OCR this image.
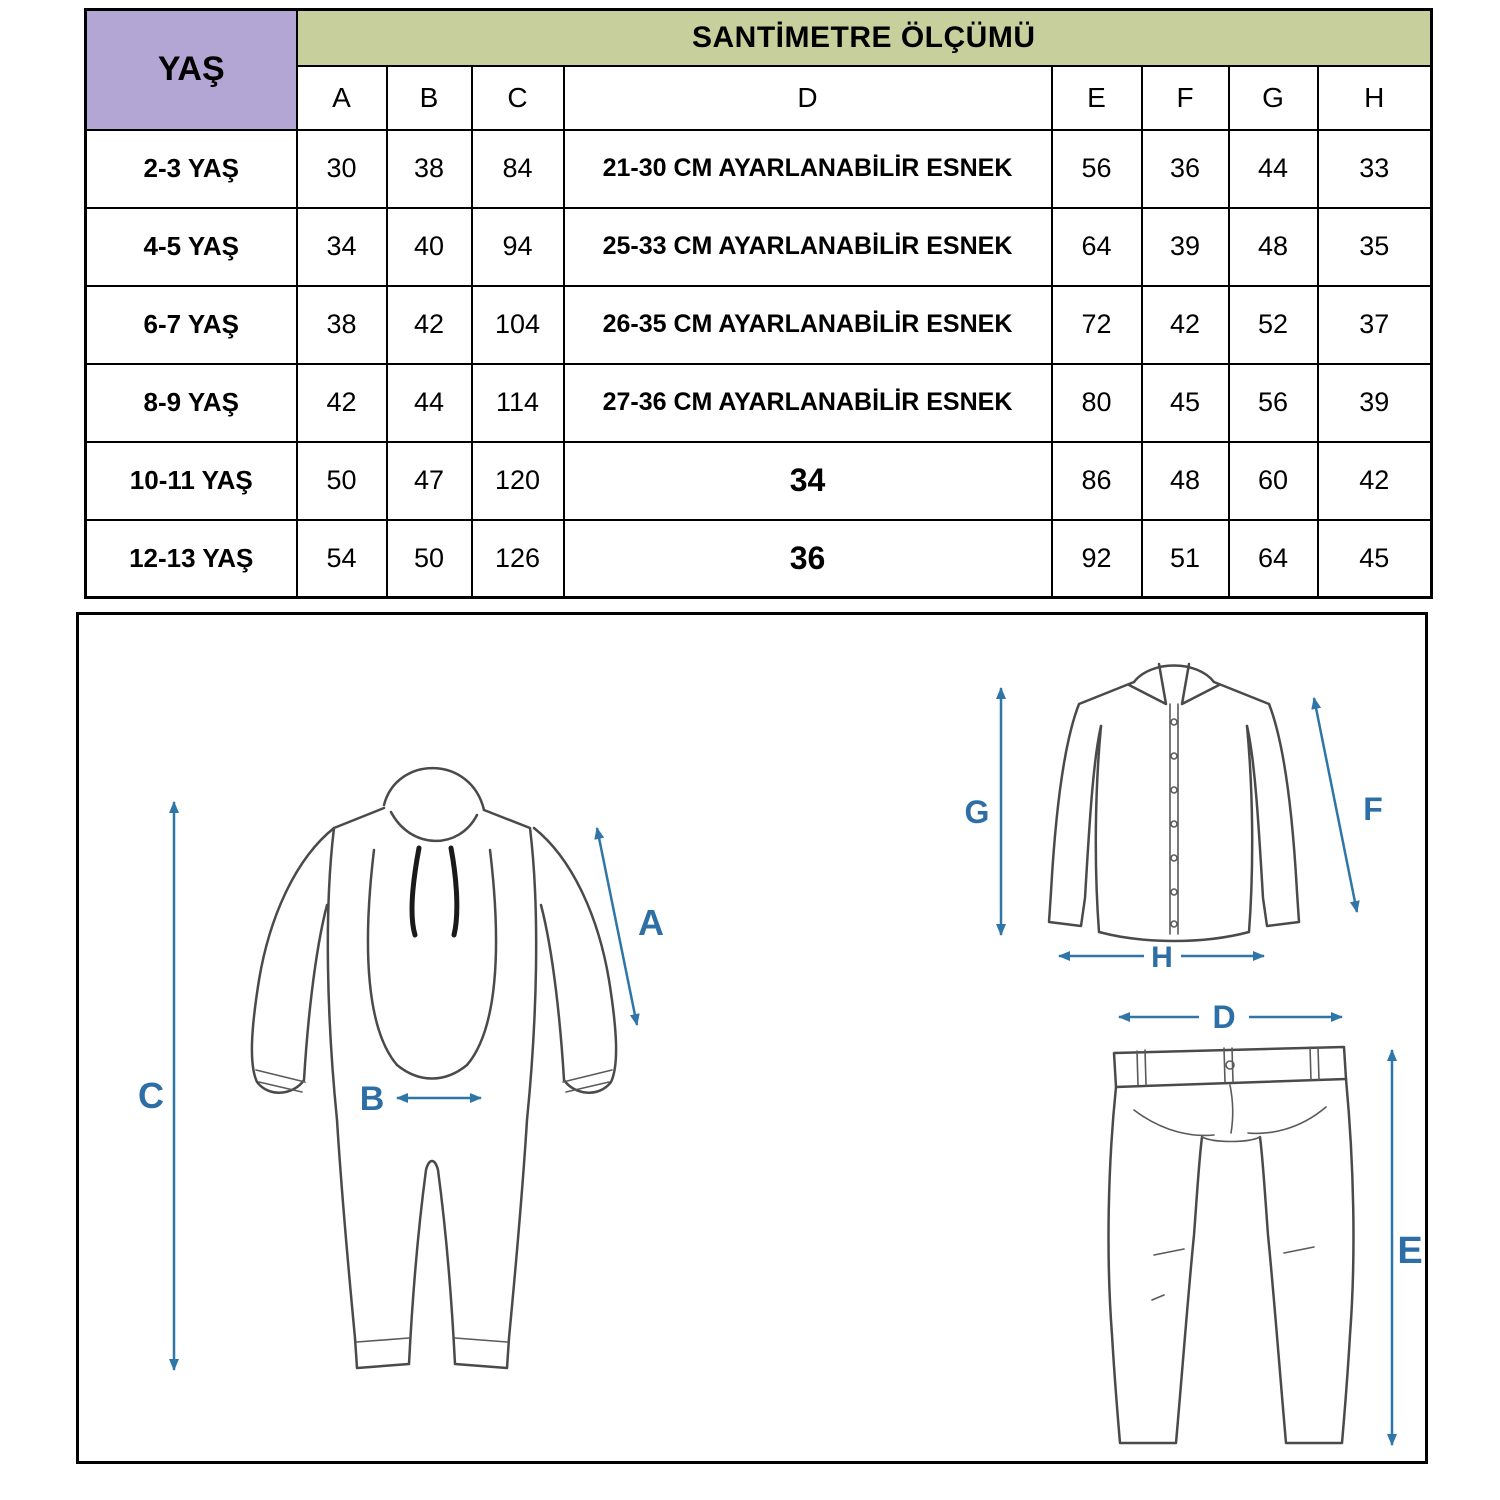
YAŞ	SANTİMETRE ÖLÇÜMÜ							
	A	B	C	D	E	F	G	H
2-3 YAŞ	30	38	84	21-30 CM AYARLANABİLİR ESNEK	56	36	44	33
4-5 YAŞ	34	40	94	25-33 CM AYARLANABİLİR ESNEK	64	39	48	35
6-7 YAŞ	38	42	104	26-35 CM AYARLANABİLİR ESNEK	72	42	52	37
8-9 YAŞ	42	44	114	27-36 CM AYARLANABİLİR ESNEK	80	45	56	39
10-11 YAŞ	50	47	120	34	86	48	60	42
12-13 YAŞ	54	50	126	36	92	51	64	45
C
A
B
G	F
H
D
E
